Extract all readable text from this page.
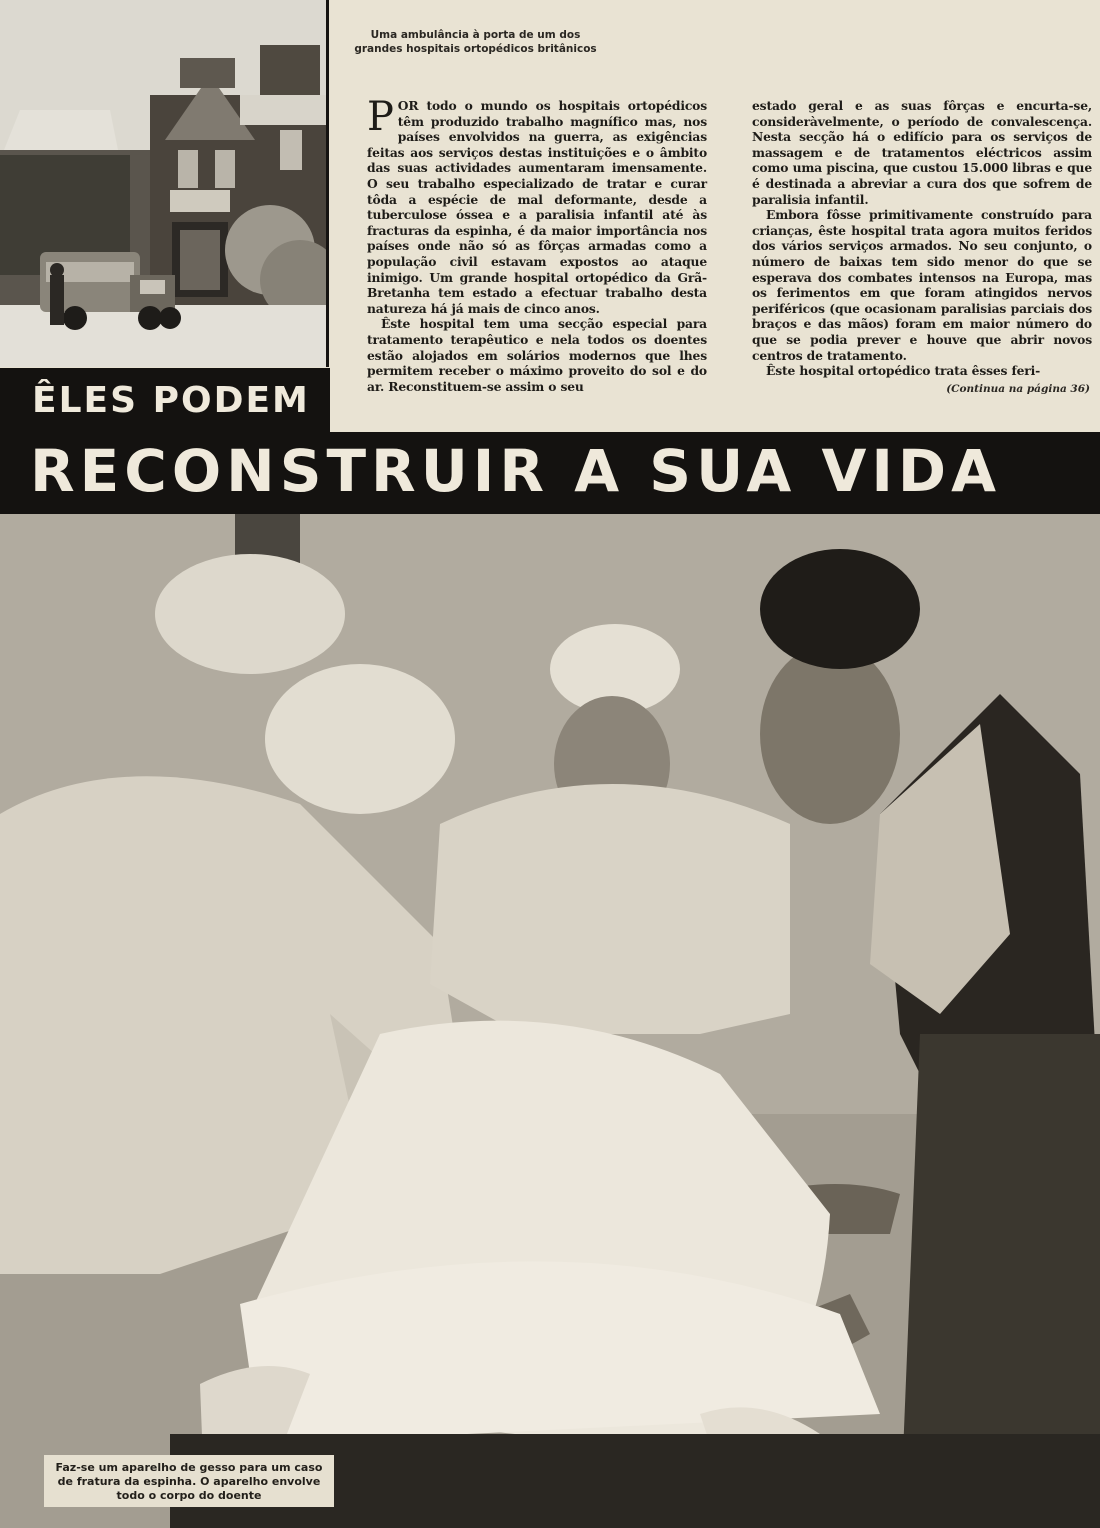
Uma ambulância à porta de um dos grandes hospitais ortopédicos britânicos

POR todo o mundo os hospitais ortopédicos têm produzido trabalho magnífico mas, nos países envolvidos na guerra, as exigências feitas aos serviços destas instituições e o âmbito das suas actividades aumentaram imensamente. O seu trabalho especializado de tratar e curar tôda a espécie de mal deformante, desde a tuberculose óssea e a paralisia infantil até às fracturas da espinha, é da maior importância nos países onde não só as fôrças armadas como a população civil estavam expostos ao ataque inimigo. Um grande hospital ortopédico da Grã-Bretanha tem estado a efectuar trabalho desta natureza há já mais de cinco anos.

Êste hospital tem uma secção especial para tratamento terapêutico e nela todos os doentes estão alojados em solários modernos que lhes permitem receber o máximo proveito do sol e do ar. Reconstituem-se assim o seu

estado geral e as suas fôrças e encurta-se, consideràvelmente, o período de convalescença. Nesta secção há o edifício para os serviços de massagem e de tratamentos eléctricos assim como uma piscina, que custou 15.000 libras e que é destinada a abreviar a cura dos que sofrem de paralisia infantil.

Embora fôsse primitivamente construído para crianças, êste hospital trata agora muitos feridos dos vários serviços armados. No seu conjunto, o número de baixas tem sido menor do que se esperava dos combates intensos na Europa, mas os ferimentos em que foram atingidos nervos periféricos (que ocasionam paralisias parciais dos braços e das mãos) foram em maior número do que se podia prever e houve que abrir novos centros de tratamento.

Êste hospital ortopédico trata êsses feri-

(Continua na página 36)
ÊLES PODEM
RECONSTRUIR A SUA VIDA
Faz-se um aparelho de gesso para um caso de fratura da espinha. O aparelho envolve todo o corpo do doente
